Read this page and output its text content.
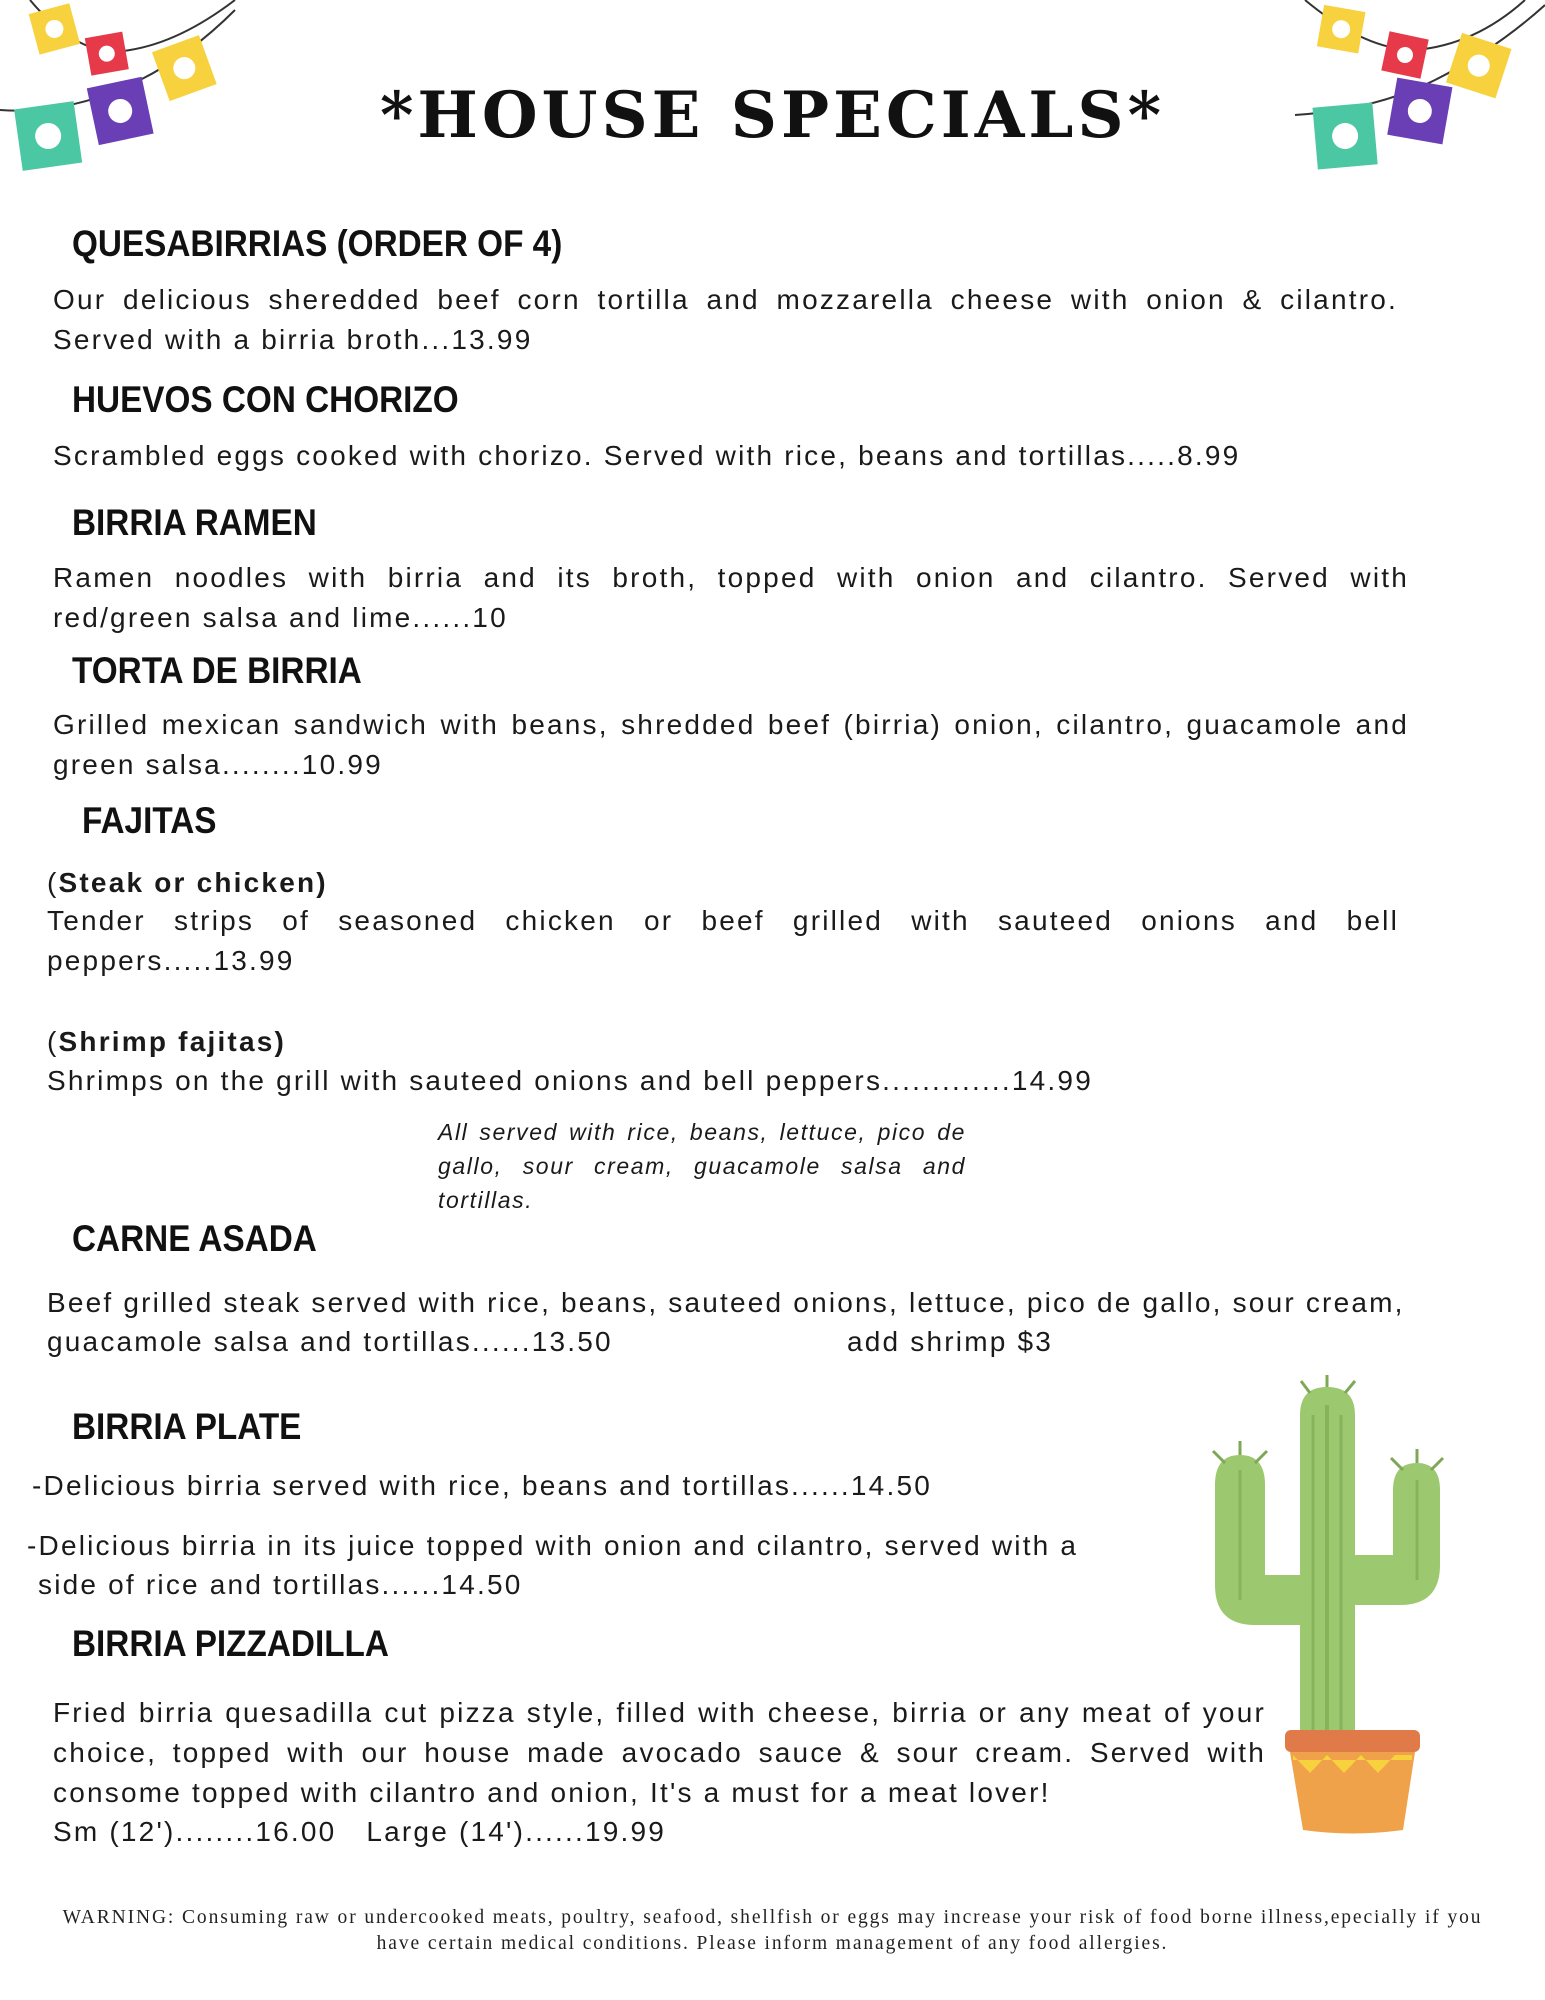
*HOUSE SPECIALS*
QUESABIRRIAS (ORDER OF 4)

Our delicious sheredded beef corn tortilla and mozzarella cheese with onion & cilantro. Served with a birria broth...13.99

HUEVOS CON CHORIZO

Scrambled eggs cooked with chorizo. Served with rice, beans and tortillas.....8.99

BIRRIA RAMEN

Ramen noodles with birria and its broth, topped with onion and cilantro. Served with red/green salsa and lime......10

TORTA DE BIRRIA

Grilled mexican sandwich with beans, shredded beef (birria) onion, cilantro, guacamole and green salsa........10.99

FAJITAS

(Steak or chicken)

Tender strips of seasoned chicken or beef grilled with sauteed onions and bell peppers.....13.99

(Shrimp fajitas)

Shrimps on the grill with sauteed onions and bell peppers.............14.99

All served with rice, beans, lettuce, pico de gallo, sour cream, guacamole salsa and tortillas.
CARNE ASADA

Beef grilled steak served with rice, beans, sauteed onions, lettuce, pico de gallo, sour cream,

guacamole salsa and tortillas......13.50	add shrimp $3

BIRRIA PLATE

-Delicious birria served with rice, beans and tortillas......14.50

-Delicious birria in its juice topped with onion and cilantro, served with a

side of rice and tortillas......14.50

BIRRIA PIZZADILLA

Fried birria quesadilla cut pizza style, filled with cheese, birria or any meat of your choice, topped with our house made avocado sauce & sour cream. Served with consome topped with cilantro and onion, It's a must for a meat lover!

Sm (12')........16.00   Large (14')......19.99

WARNING: Consuming raw or undercooked meats, poultry, seafood, shellfish or eggs may increase your risk of food borne illness,epecially if you have certain medical conditions. Please inform management of any food allergies.
